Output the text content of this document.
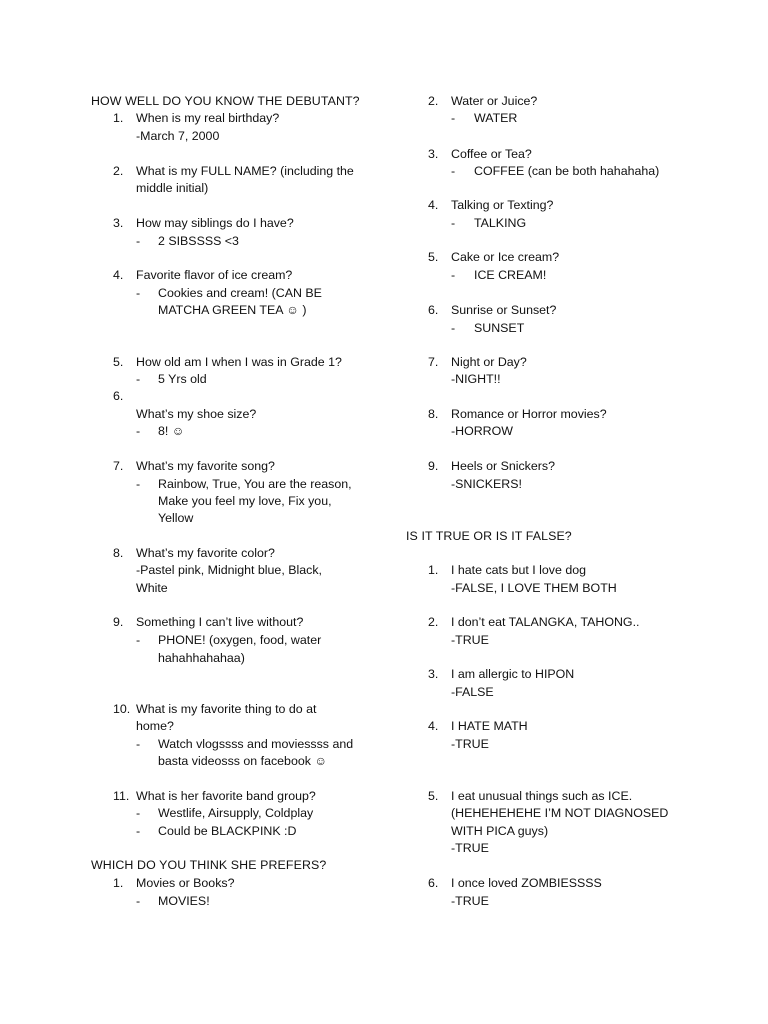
HOW WELL DO YOU KNOW THE DEBUTANT?
1. When is my real birthday?
-March 7, 2000
2. What is my FULL NAME? (including the
middle initial)
3. How may siblings do I have?
- 2 SIBSSSS <3
4. Favorite flavor of ice cream?
- Cookies and cream! (CAN BE
MATCHA GREEN TEA ☺ )
5. How old am I when I was in Grade 1?
- 5 Yrs old
6.
What’s my shoe size?
- 8! ☺
7. What’s my favorite song?
- Rainbow, True, You are the reason,
Make you feel my love, Fix you,
Yellow
8. What’s my favorite color?
-Pastel pink, Midnight blue, Black,
White
9. Something I can’t live without?
- PHONE! (oxygen, food, water
hahahhahahaa)
10. What is my favorite thing to do at
home?
- Watch vlogssss and moviessss and
basta videosss on facebook ☺
11. What is her favorite band group?
- Westlife, Airsupply, Coldplay
- Could be BLACKPINK :D
WHICH DO YOU THINK SHE PREFERS?
1. Movies or Books?
- MOVIES!
2. Water or Juice?
- WATER
3. Coffee or Tea?
- COFFEE (can be both hahahaha)
4. Talking or Texting?
- TALKING
5. Cake or Ice cream?
- ICE CREAM!
6. Sunrise or Sunset?
- SUNSET
7. Night or Day?
-NIGHT!!
8. Romance or Horror movies?
-HORROW
9. Heels or Snickers?
-SNICKERS!
IS IT TRUE OR IS IT FALSE?
1. I hate cats but I love dog
-FALSE, I LOVE THEM BOTH
2. I don’t eat TALANGKA, TAHONG..
-TRUE
3. I am allergic to HIPON
-FALSE
4. I HATE MATH
-TRUE
5. I eat unusual things such as ICE.
(HEHEHEHEHE I’M NOT DIAGNOSED
WITH PICA guys)
-TRUE
6. I once loved ZOMBIESSSS
-TRUE
